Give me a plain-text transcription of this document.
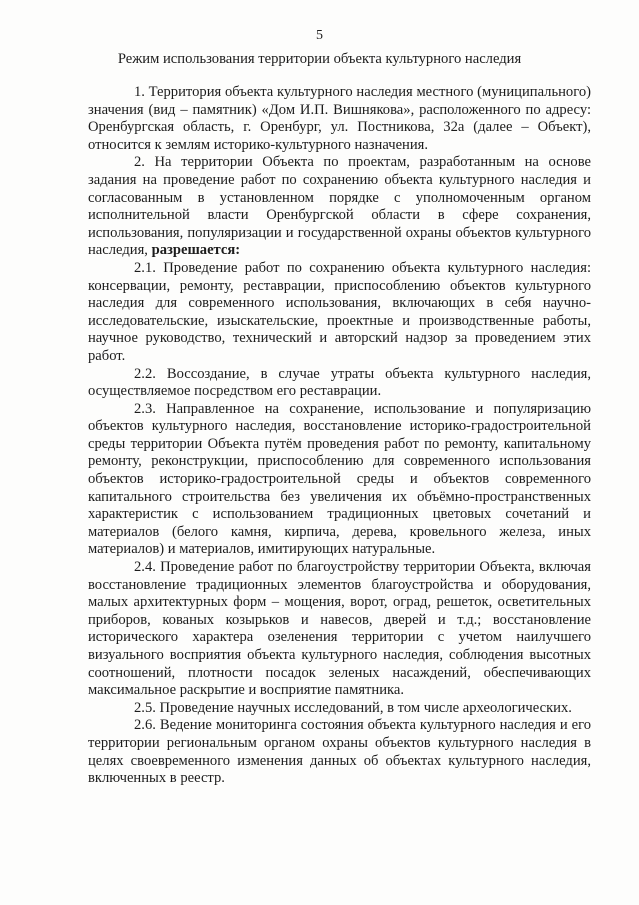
5
Режим использования территории объекта культурного наследия

1. Территория объекта культурного наследия местного (муниципального) значения (вид – памятник) «Дом И.П. Вишнякова», расположенного по адресу: Оренбургская область, г. Оренбург, ул. Постникова, 32а (далее – Объект), относится к землям историко-культурного назначения.

2. На территории Объекта по проектам, разработанным на основе задания на проведение работ по сохранению объекта культурного наследия и согласованным в установленном порядке с уполномоченным органом исполнительной власти Оренбургской области в сфере сохранения, использования, популяризации и государственной охраны объектов культурного наследия, разрешается:

2.1. Проведение работ по сохранению объекта культурного наследия: консервации, ремонту, реставрации, приспособлению объектов культурного наследия для современного использования, включающих в себя научно-исследовательские, изыскательские, проектные и производственные работы, научное руководство, технический и авторский надзор за проведением этих работ.

2.2. Воссоздание, в случае утраты объекта культурного наследия, осуществляемое посредством его реставрации.

2.3. Направленное на сохранение, использование и популяризацию объектов культурного наследия, восстановление историко-градостроительной среды территории Объекта путём проведения работ по ремонту, капитальному ремонту, реконструкции, приспособлению для современного использования объектов историко-градостроительной среды и объектов современного капитального строительства без увеличения их объёмно-пространственных характеристик с использованием традиционных цветовых сочетаний и материалов (белого камня, кирпича, дерева, кровельного железа, иных материалов) и материалов, имитирующих натуральные.

2.4. Проведение работ по благоустройству территории Объекта, включая восстановление традиционных элементов благоустройства и оборудования, малых архитектурных форм – мощения, ворот, оград, решеток, осветительных приборов, кованых козырьков и навесов, дверей и т.д.; восстановление исторического характера озеленения территории с учетом наилучшего визуального восприятия объекта культурного наследия, соблюдения высотных соотношений, плотности посадок зеленых насаждений, обеспечивающих максимальное раскрытие и восприятие памятника.

2.5. Проведение научных исследований, в том числе археологических.

2.6. Ведение мониторинга состояния объекта культурного наследия и его территории региональным органом охраны объектов культурного наследия в целях своевременного изменения данных об объектах культурного наследия, включенных в реестр.
